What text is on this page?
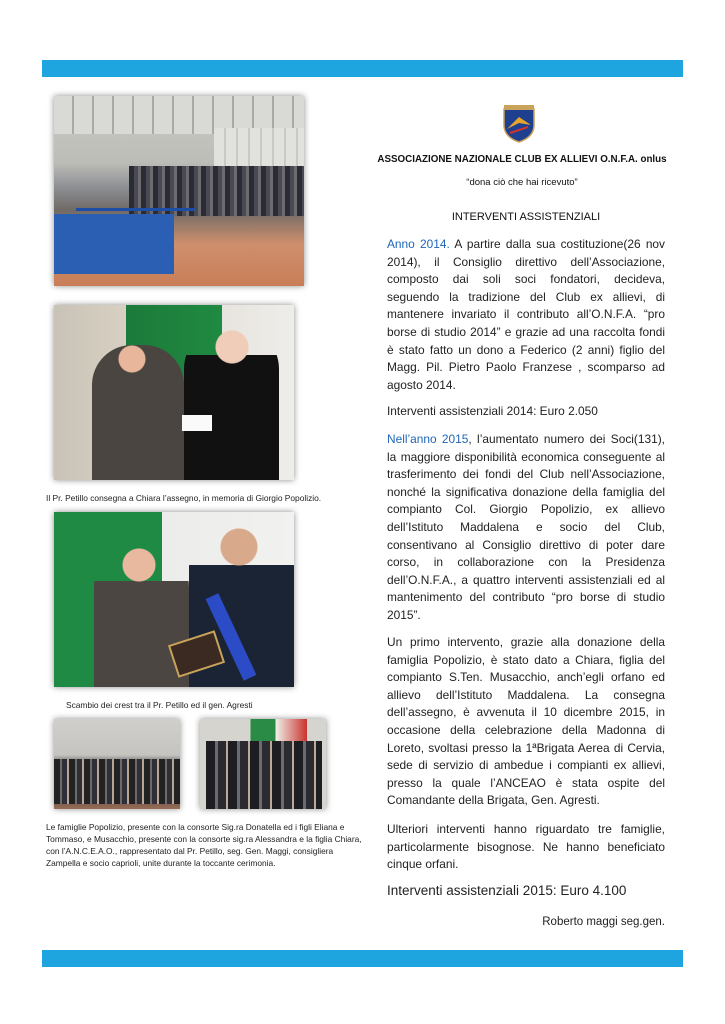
Il Pr. Petillo consegna a Chiara l’assegno, in memoria di Giorgio Popolizio.
Scambio dei crest tra il Pr. Petillo ed il gen. Agresti
Le famiglie Popolizio, presente con la consorte Sig.ra Donatella ed i figli Eliana e Tommaso, e Musacchio, presente con la consorte sig.ra Alessandra e la figlia Chiara, con l’A.N.C.E.A.O., rappresentato dal Pr. Petillo, seg. Gen. Maggi, consigliera Zampella e socio caprioli, unite durante la toccante cerimonia.
ASSOCIAZIONE NAZIONALE CLUB EX ALLIEVI O.N.F.A. onlus
“dona ciò che hai ricevuto”
INTERVENTI ASSISTENZIALI

Anno 2014. A partire dalla sua costituzione(26 nov 2014), il Consiglio direttivo dell’Associazione, composto dai soli soci fondatori, decideva, seguendo la tradizione del Club ex allievi, di mantenere invariato il contributo all’O.N.F.A. “pro borse di studio 2014” e grazie ad una raccolta fondi è stato fatto un dono a Federico (2 anni) figlio del Magg. Pil. Pietro Paolo Franzese , scomparso ad agosto 2014.

Interventi assistenziali 2014: Euro 2.050

Nell’anno 2015, l’aumentato numero dei Soci(131), la maggiore disponibilità economica conseguente al trasferimento dei fondi del Club nell’Associazione, nonché la significativa donazione della famiglia del compianto Col. Giorgio Popolizio, ex allievo dell’Istituto Maddalena e socio del Club, consentivano al Consiglio direttivo di poter dare corso, in collaborazione con la Presidenza dell’O.N.F.A., a quattro interventi assistenziali ed al mantenimento del contributo “pro borse di studio 2015”.

Un primo intervento, grazie alla donazione della famiglia Popolizio, è stato dato a Chiara, figlia del compianto S.Ten. Musacchio, anch’egli orfano ed allievo dell’Istituto Maddalena. La consegna dell’assegno, è avvenuta il 10 dicembre 2015, in occasione della celebrazione della Madonna di Loreto, svoltasi presso la 1ªBrigata Aerea di Cervia, sede di servizio di ambedue i compianti ex allievi, presso la quale l’ANCEAO è stata ospite del Comandante della Brigata, Gen. Agresti.

Ulteriori interventi hanno riguardato tre famiglie, particolarmente bisognose. Ne hanno beneficiato cinque orfani.

Interventi assistenziali 2015: Euro 4.100
Roberto maggi seg.gen.
